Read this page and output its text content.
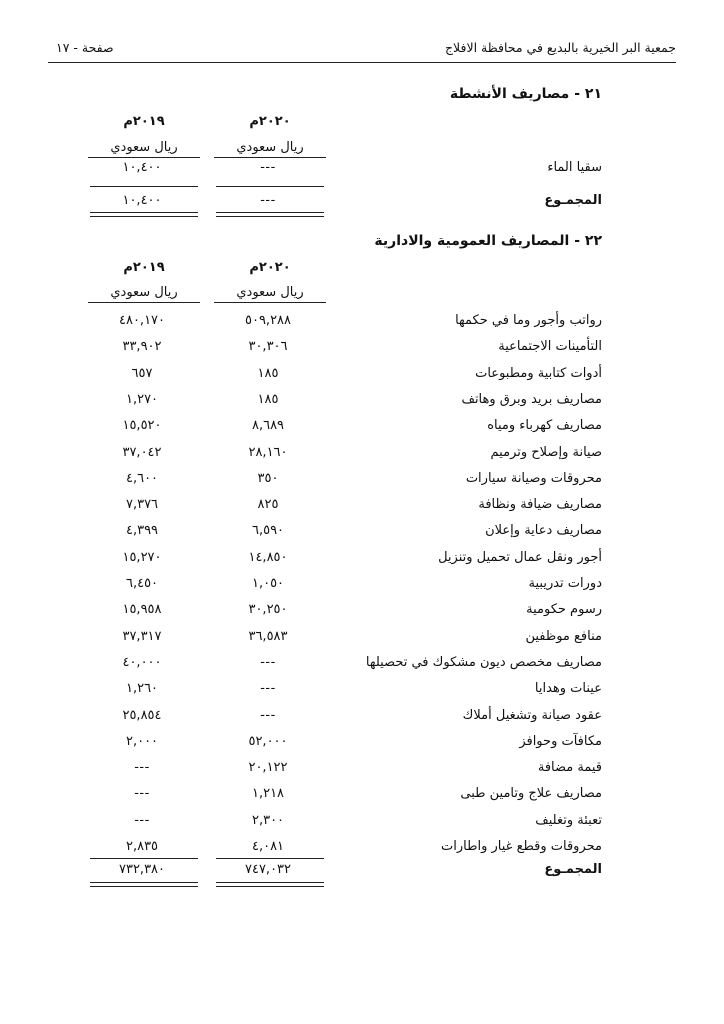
جمعية البر الخيرية بالبديع في محافظة الافلاج
صفحة - ١٧
٢١ - مصاريف الأنشطة
٢٠٢٠م
٢٠١٩م
ريال سعودي
ريال سعودي
سقيا الماء
---
١٠,٤٠٠
المجمـوع
---
١٠,٤٠٠
٢٢ - المصاريف العمومية والادارية
٢٠٢٠م
٢٠١٩م
ريال سعودي
ريال سعودي
رواتب وأجور وما في حكمها
٥٠٩,٢٨٨
٤٨٠,١٧٠
التأمينات الاجتماعية
٣٠,٣٠٦
٣٣,٩٠٢
أدوات كتابية ومطبوعات
١٨٥
٦٥٧
مصاريف بريد وبرق وهاتف
١٨٥
١,٢٧٠
مصاريف كهرباء ومياه
٨,٦٨٩
١٥,٥٢٠
صيانة وإصلاح وترميم
٢٨,١٦٠
٣٧,٠٤٢
محروقات وصيانة سيارات
٣٥٠
٤,٦٠٠
مصاريف ضيافة ونظافة
٨٢٥
٧,٣٧٦
مصاريف دعاية وإعلان
٦,٥٩٠
٤,٣٩٩
أجور ونقل عمال تحميل وتنزيل
١٤,٨٥٠
١٥,٢٧٠
دورات تدريبية
١,٠٥٠
٦,٤٥٠
رسوم حكومية
٣٠,٢٥٠
١٥,٩٥٨
منافع موظفين
٣٦,٥٨٣
٣٧,٣١٧
مصاريف مخصص ديون مشكوك في تحصيلها
---
٤٠,٠٠٠
عينات وهدايا
---
١,٢٦٠
عقود صيانة وتشغيل أملاك
---
٢٥,٨٥٤
مكافآت وحوافز
٥٢,٠٠٠
٢,٠٠٠
قيمة مضافة
٢٠,١٢٢
---
مصاريف علاج وتامين طبى
١,٢١٨
---
تعبئة وتغليف
٢,٣٠٠
---
محروقات وقطع غيار واطارات
٤,٠٨١
٢,٨٣٥
المجمـوع
٧٤٧,٠٣٢
٧٣٢,٣٨٠
